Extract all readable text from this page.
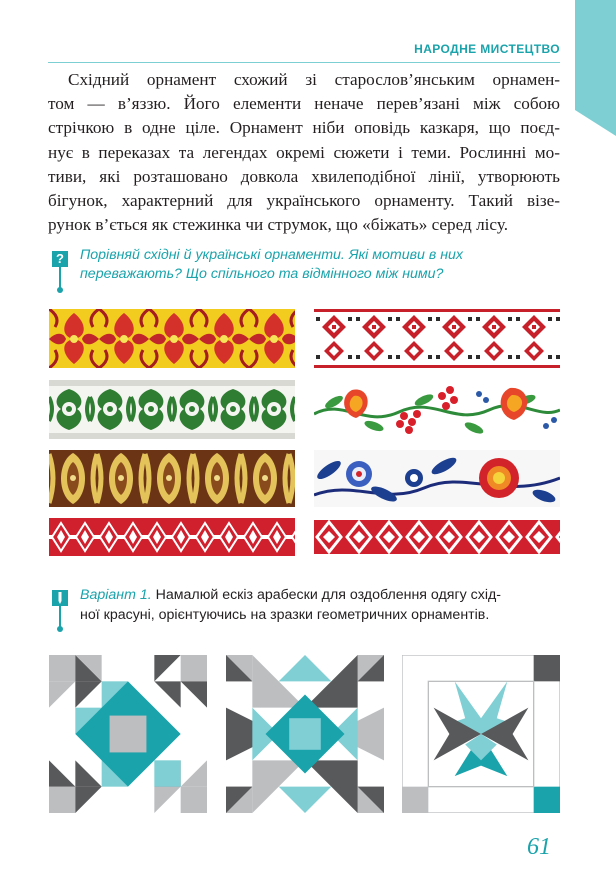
НАРОДНЕ МИСТЕЦТВО
Східний орнамент схожий зі старослов’янським орнамен-
том — в’яззю. Його елементи неначе перев’язані між собою
стрічкою в одне ціле. Орнамент ніби оповідь казкаря, що поєд-
нує в переказах та легендах окремі сюжети і теми. Рослинні мо-
тиви, які розташовано довкола хвилеподібної лінії, утворюють
бігунок, характерний для українського орнаменту. Такий візе-
рунок в’ється як стежинка чи струмок, що «біжать» серед лісу.
? Порівняй східні й українські орнаменти. Які мотиви в них
переважають? Що спільного та відмінного між ними?
Варіант 1. Намалюй ескіз арабески для оздоблення одягу схід-
ної красуні, орієнтуючись на зразки геометричних орнаментів.
61
